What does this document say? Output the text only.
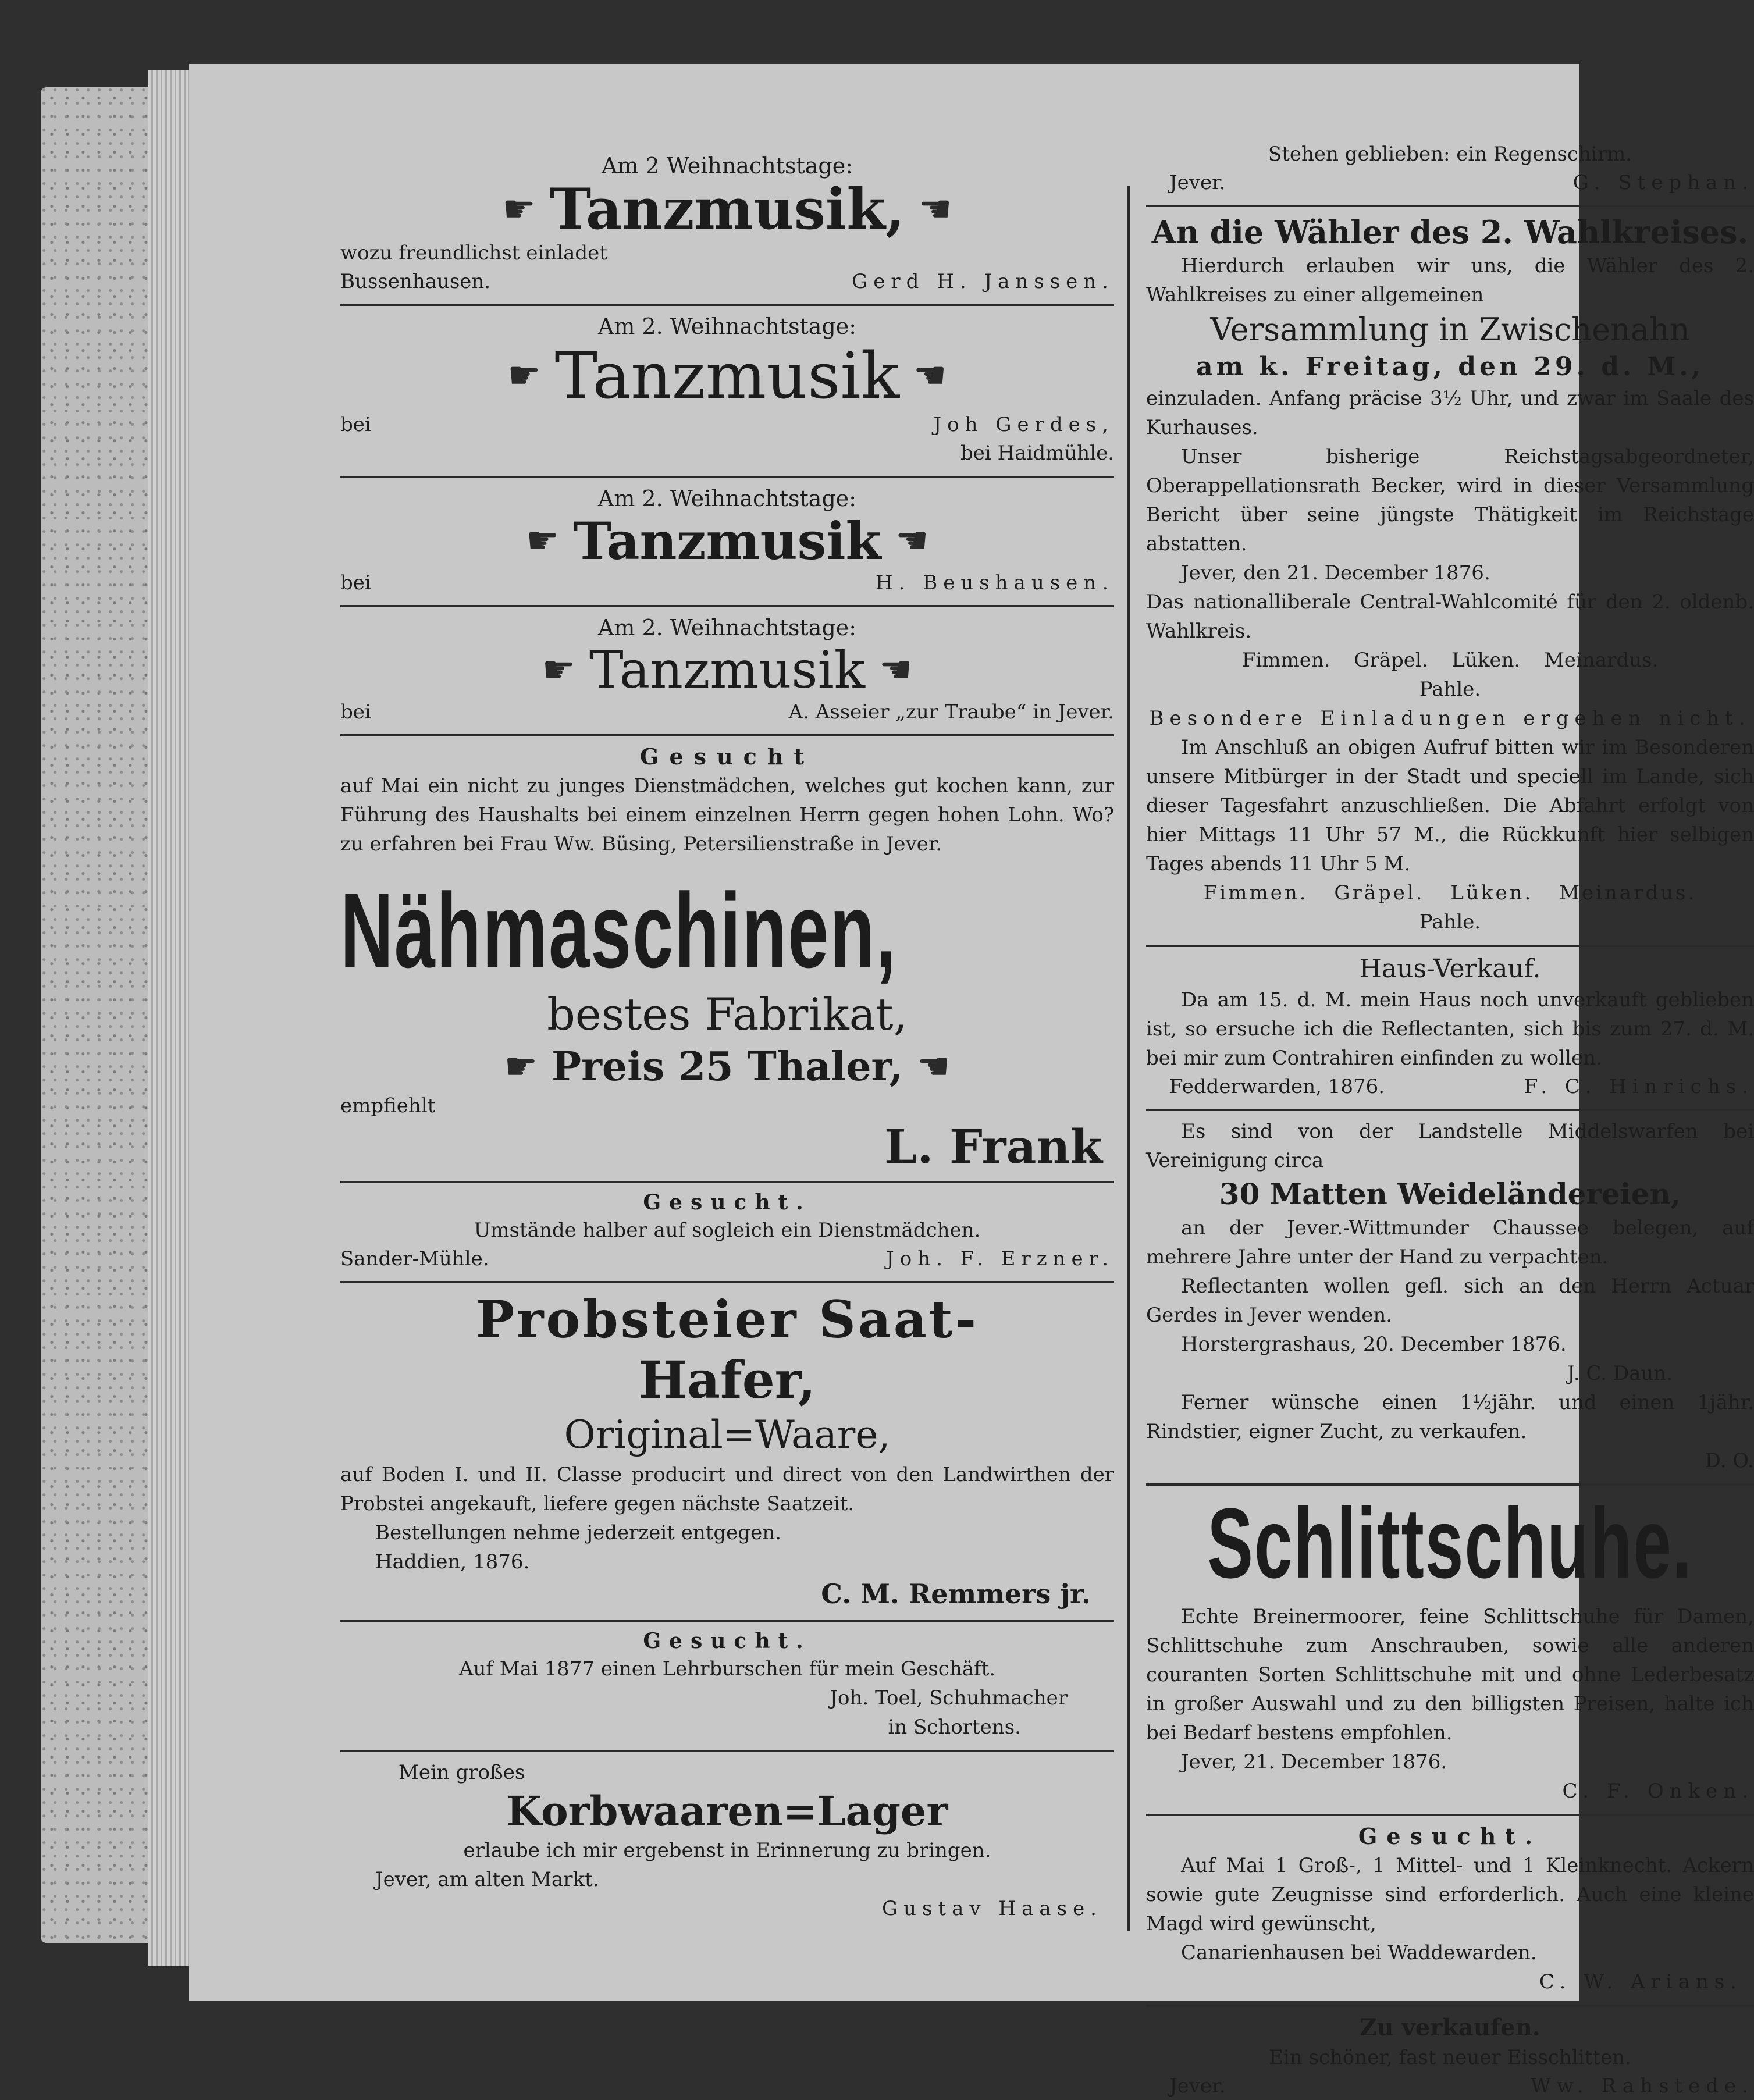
Am 2 Weihnachtstage:
☛ Tanzmusik, ☛
wozu freundlichst einladet
Bussenhausen.	Gerd H. Janssen.
Am 2. Weihnachtstage:
☛ Tanzmusik ☛
bei	Joh Gerdes,
bei Haidmühle.
Am 2. Weihnachtstage:
☛ Tanzmusik ☛
bei	H. Beushausen.
Am 2. Weihnachtstage:
☛ Tanzmusik ☛
bei	A. Asseier „zur Traube“ in Jever.
Gesucht
auf Mai ein nicht zu junges Dienstmädchen, welches gut kochen kann, zur Führung des Haushalts bei einem einzelnen Herrn gegen hohen Lohn. Wo? zu erfahren bei Frau Ww. Büsing, Petersilienstraße in Jever.
Nähmaschinen,
bestes Fabrikat,
☛ Preis 25 Thaler, ☛
empfiehlt
L. Frank
Gesucht.
Umstände halber auf sogleich ein Dienstmädchen.
Sander-Mühle.	Joh. F. Erzner.
Probsteier Saat-
Hafer,
Original=Waare,
auf Boden I. und II. Classe producirt und direct von den Landwirthen der Probstei angekauft, liefere gegen nächste Saatzeit.
Bestellungen nehme jederzeit entgegen.
Haddien, 1876.
C. M. Remmers jr.
Gesucht.
Auf Mai 1877 einen Lehrburschen für mein Geschäft.
Joh. Toel, Schuhmacher
in Schortens.
Mein großes
Korbwaaren=Lager
erlaube ich mir ergebenst in Erinnerung zu bringen.
Jever, am alten Markt.
Gustav Haase.
Stehen geblieben: ein Regenschirm.
Jever.	G. Stephan.
An die Wähler des 2. Wahlkreises.
Hierdurch erlauben wir uns, die Wähler des 2. Wahlkreises zu einer allgemeinen
Versammlung in Zwischenahn
am k. Freitag, den 29. d. M.,
einzuladen. Anfang präcise 3½ Uhr, und zwar im Saale des Kurhauses.
Unser bisherige Reichstagsabgeordneter, Oberappellationsrath Becker, wird in dieser Versammlung Bericht über seine jüngste Thätigkeit im Reichstage abstatten.
Jever, den 21. December 1876.
Das nationalliberale Central-Wahlcomité für den 2. oldenb. Wahlkreis.
Fimmen. Gräpel. Lüken. Meinardus.
Pahle.
Besondere Einladungen ergehen nicht.
Im Anschluß an obigen Aufruf bitten wir im Besonderen unsere Mitbürger in der Stadt und speciell im Lande, sich dieser Tagesfahrt anzuschließen. Die Abfahrt erfolgt von hier Mittags 11 Uhr 57 M., die Rückkunft hier selbigen Tages abends 11 Uhr 5 M.
Fimmen. Gräpel. Lüken. Meinardus.
Pahle.
Haus-Verkauf.
Da am 15. d. M. mein Haus noch unverkauft geblieben ist, so ersuche ich die Reflectanten, sich bis zum 27. d. M. bei mir zum Contrahiren einfinden zu wollen.
Fedderwarden, 1876.	F. C. Hinrichs.
Es sind von der Landstelle Middelswarfen bei Vereinigung circa
30 Matten Weideländereien,
an der Jever.-Wittmunder Chaussee belegen, auf mehrere Jahre unter der Hand zu verpachten.
Reflectanten wollen gefl. sich an den Herrn Actuar Gerdes in Jever wenden.
Horstergrashaus, 20. December 1876.
J. C. Daun.
Ferner wünsche einen 1½jähr. und einen 1jähr. Rindstier, eigner Zucht, zu verkaufen.
D. O.
Schlittschuhe.
Echte Breinermoorer, feine Schlittschuhe für Damen, Schlittschuhe zum Anschrauben, sowie alle anderen couranten Sorten Schlittschuhe mit und ohne Lederbesatz in großer Auswahl und zu den billigsten Preisen, halte ich bei Bedarf bestens empfohlen.
Jever, 21. December 1876.
C. F. Onken.
Gesucht.
Auf Mai 1 Groß-, 1 Mittel- und 1 Kleinknecht. Ackern sowie gute Zeugnisse sind erforderlich. Auch eine kleine Magd wird gewünscht,
Canarienhausen bei Waddewarden.
C. W. Arians.
Zu verkaufen.
Ein schöner, fast neuer Eisschlitten.
Jever.	Ww. Rahstede.
